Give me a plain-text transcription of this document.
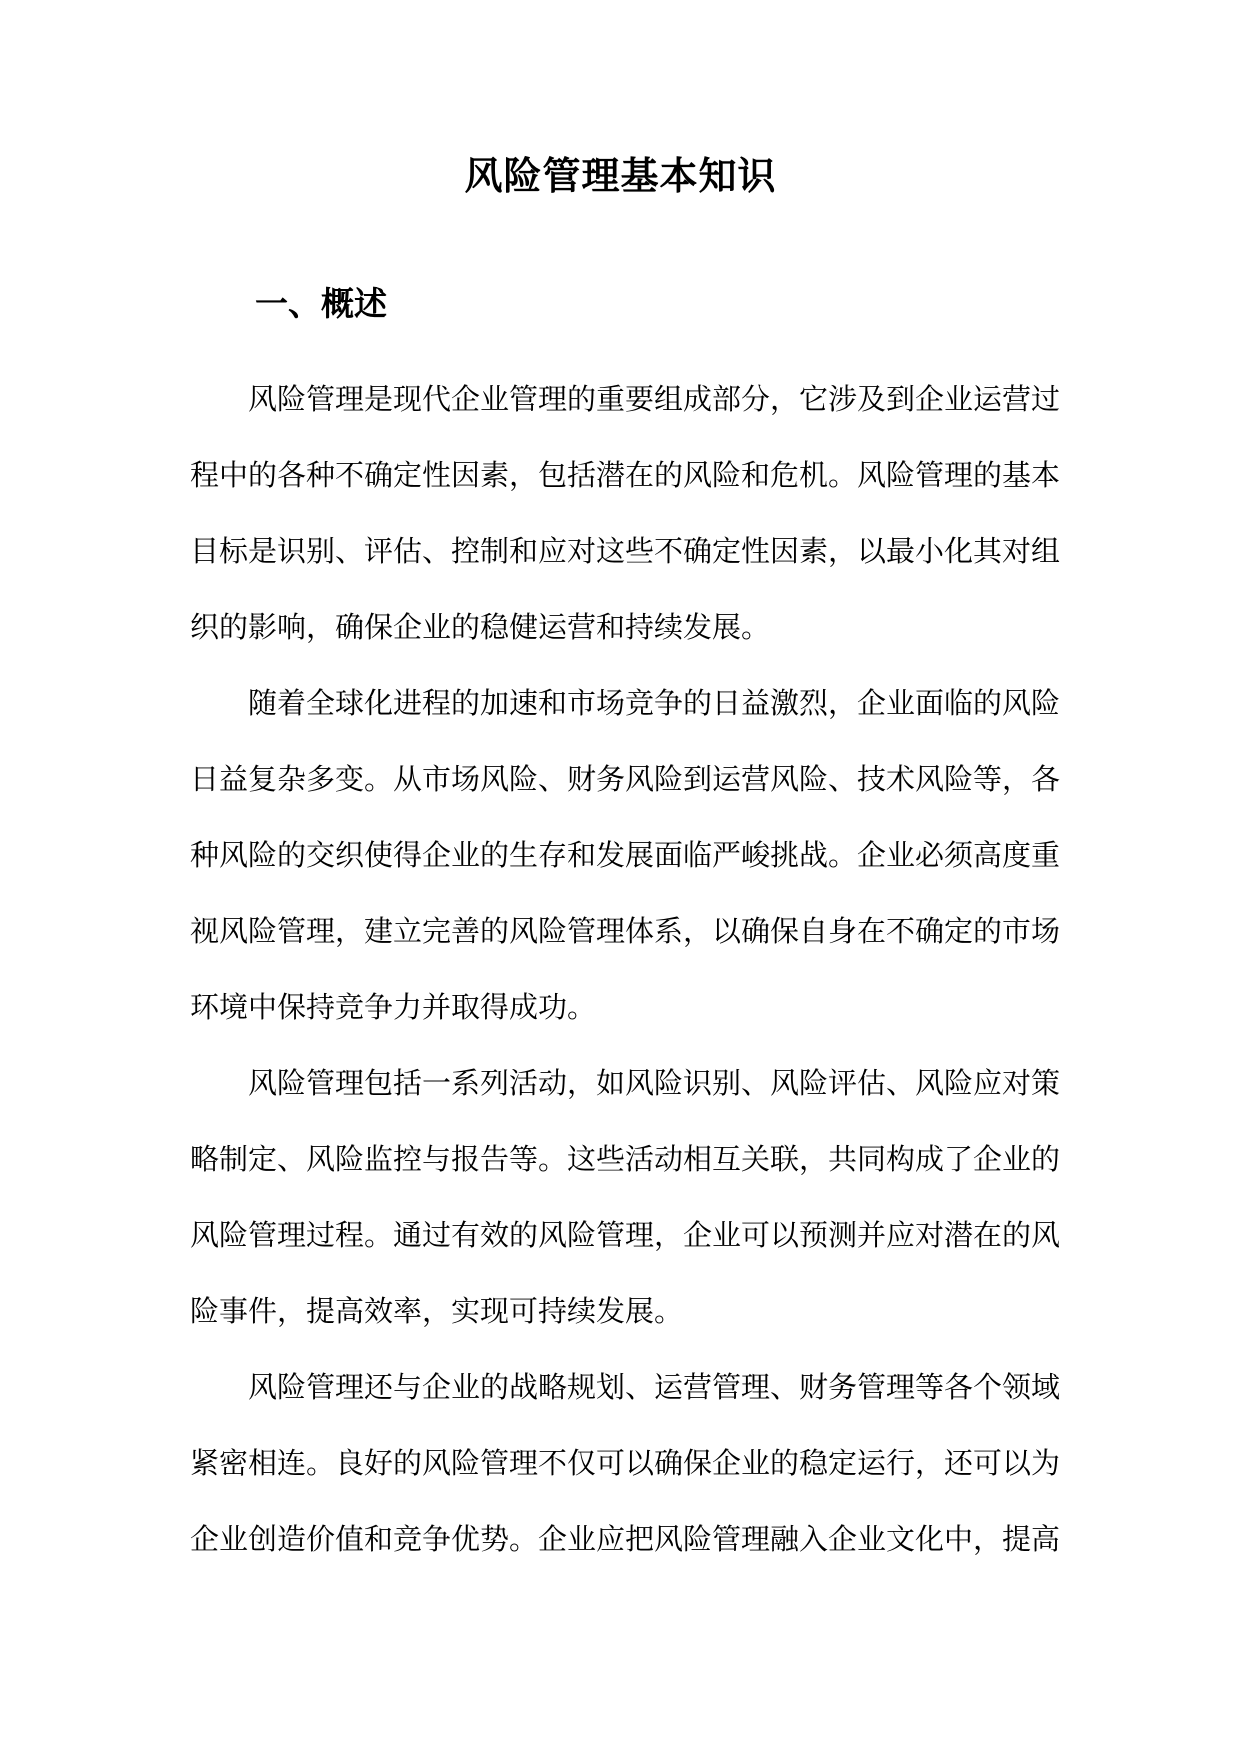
风险管理基本知识
一、概述
风险管理是现代企业管理的重要组成部分，它涉及到企业运营过
程中的各种不确定性因素，包括潜在的风险和危机。风险管理的基本
目标是识别、评估、控制和应对这些不确定性因素，以最小化其对组
织的影响，确保企业的稳健运营和持续发展。
随着全球化进程的加速和市场竞争的日益激烈，企业面临的风险
日益复杂多变。从市场风险、财务风险到运营风险、技术风险等，各
种风险的交织使得企业的生存和发展面临严峻挑战。企业必须高度重
视风险管理，建立完善的风险管理体系，以确保自身在不确定的市场
环境中保持竞争力并取得成功。
风险管理包括一系列活动，如风险识别、风险评估、风险应对策
略制定、风险监控与报告等。这些活动相互关联，共同构成了企业的
风险管理过程。通过有效的风险管理，企业可以预测并应对潜在的风
险事件，提高效率，实现可持续发展。
风险管理还与企业的战略规划、运营管理、财务管理等各个领域
紧密相连。良好的风险管理不仅可以确保企业的稳定运行，还可以为
企业创造价值和竞争优势。企业应把风险管理融入企业文化中，提高
